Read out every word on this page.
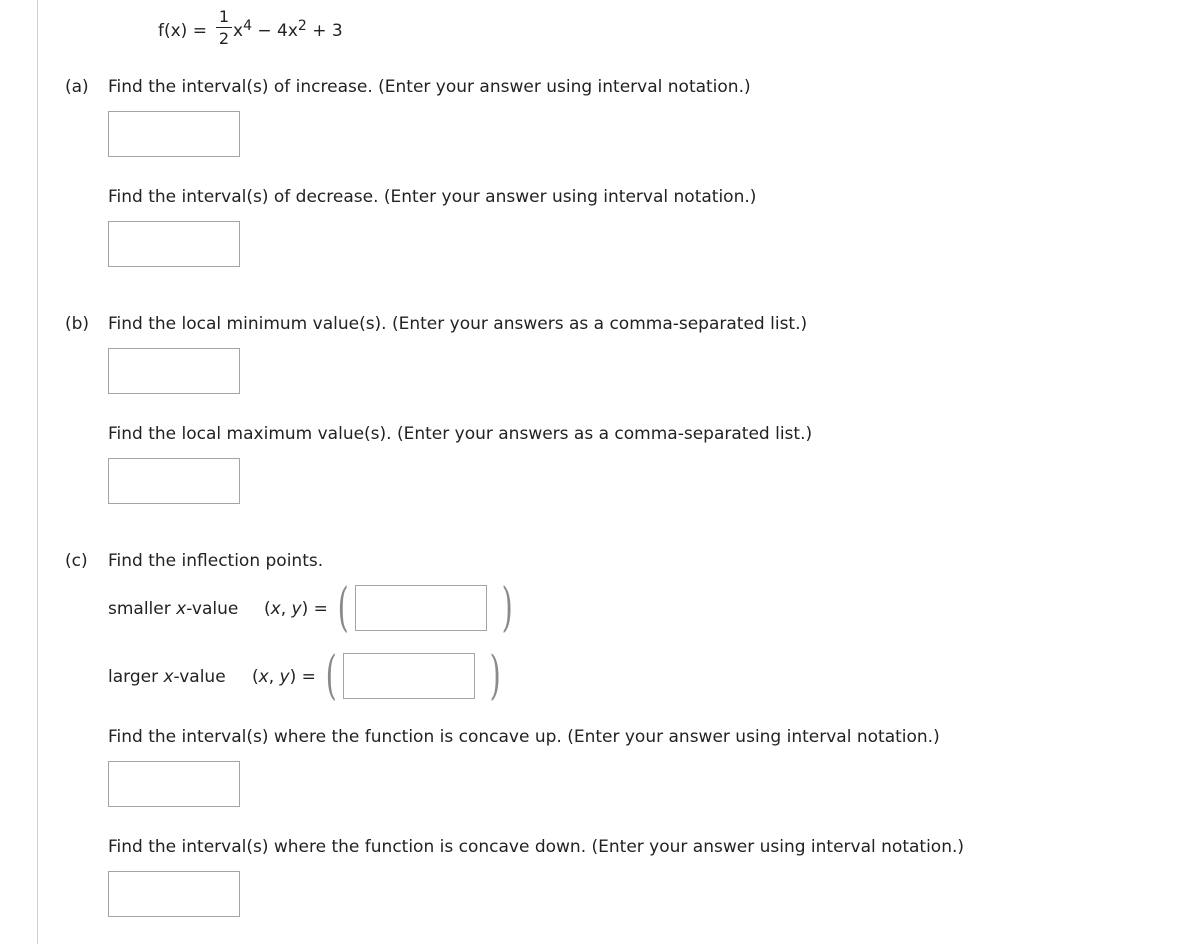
f(x) =
1
2 $x^4 - 4x^2 + 3$
(a) Find the interval(s) of increase. (Enter your answer using interval notation.)
Find the interval(s) of decrease. (Enter your answer using interval notation.)
(b) Find the local minimum value(s). (Enter your answers as a comma-separated list.)
Find the local maximum value(s). (Enter your answers as a comma-separated list.)
(c) Find the inflection points.
smaller x-value (x, y) = (	)
larger x-value (x, y) = (	)
Find the interval(s) where the function is concave up. (Enter your answer using interval notation.)
Find the interval(s) where the function is concave down. (Enter your answer using interval notation.)
